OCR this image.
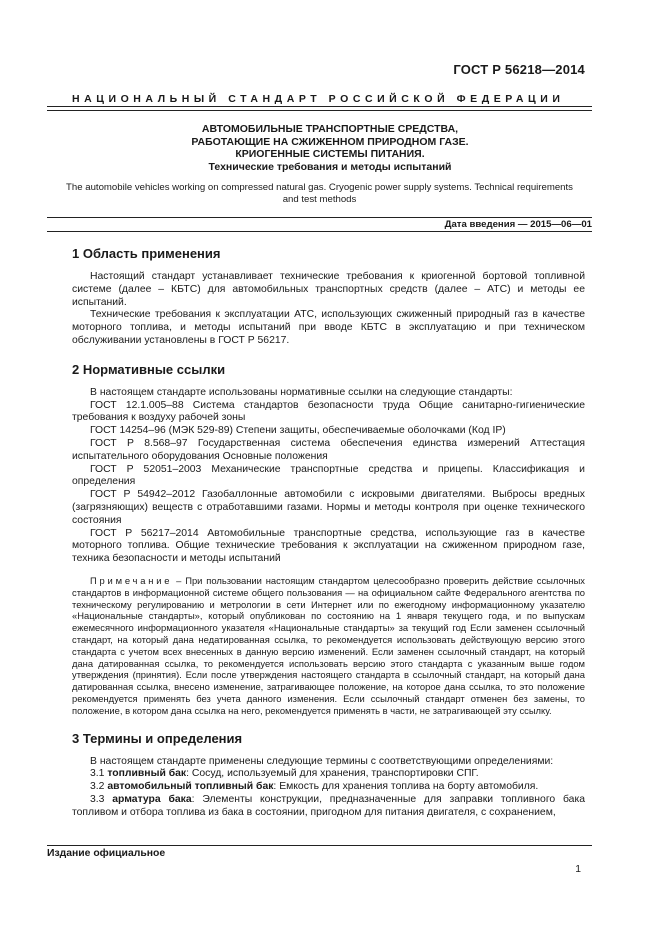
ГОСТ Р 56218—2014
НАЦИОНАЛЬНЫЙ СТАНДАРТ РОССИЙСКОЙ ФЕДЕРАЦИИ
АВТОМОБИЛЬНЫЕ ТРАНСПОРТНЫЕ СРЕДСТВА,
РАБОТАЮЩИЕ НА СЖИЖЕННОМ ПРИРОДНОМ ГАЗЕ.
КРИОГЕННЫЕ СИСТЕМЫ ПИТАНИЯ.
Технические требования и методы испытаний
The automobile vehicles working on compressed natural gas. Cryogenic power supply systems. Technical requirements
and test methods
Дата введения — 2015—06—01
1 Область применения

Настоящий стандарт устанавливает технические требования к криогенной бортовой топливной системе (далее – КБТС) для автомобильных транспортных средств (далее – АТС) и методы ее испытаний.

Технические требования к эксплуатации АТС, использующих сжиженный природный газ в качестве моторного топлива, и методы испытаний при вводе КБТС в эксплуатацию и при техническом обслуживании установлены в ГОСТ Р 56217.

2 Нормативные ссылки

В настоящем стандарте использованы нормативные ссылки на следующие стандарты:

ГОСТ 12.1.005–88 Система стандартов безопасности труда Общие санитарно-гигиенические требования к воздуху рабочей зоны

ГОСТ 14254–96 (МЭК 529-89) Степени защиты, обеспечиваемые оболочками (Код IP)

ГОСТ Р 8.568–97 Государственная система обеспечения единства измерений Аттестация испытательного оборудования Основные положения

ГОСТ Р 52051–2003 Механические транспортные средства и прицепы. Классификация и определения

ГОСТ Р 54942–2012 Газобаллонные автомобили с искровыми двигателями. Выбросы вредных (загрязняющих) веществ с отработавшими газами. Нормы и методы контроля при оценке технического состояния

ГОСТ Р 56217–2014 Автомобильные транспортные средства, использующие газ в качестве моторного топлива. Общие технические требования к эксплуатации на сжиженном природном газе, техника безопасности и методы испытаний

Примечание – При пользовании настоящим стандартом целесообразно проверить действие ссылочных стандартов в информационной системе общего пользования — на официальном сайте Федерального агентства по техническому регулированию и метрологии в сети Интернет или по ежегодному информационному указателю «Национальные стандарты», который опубликован по состоянию на 1 января текущего года, и по выпускам ежемесячного информационного указателя «Национальные стандарты» за текущий год Если заменен ссылочный стандарт, на который дана недатированная ссылка, то рекомендуется использовать действующую версию этого стандарта с учетом всех внесенных в данную версию изменений. Если заменен ссылочный стандарт, на который дана датированная ссылка, то рекомендуется использовать версию этого стандарта с указанным выше годом утверждения (принятия). Если после утверждения настоящего стандарта в ссылочный стандарт, на который дана датированная ссылка, внесено изменение, затрагивающее положение, на которое дана ссылка, то это положение рекомендуется применять без учета данного изменения. Если ссылочный стандарт отменен без замены, то положение, в котором дана ссылка на него, рекомендуется применять в части, не затрагивающей эту ссылку.
3 Термины и определения

В настоящем стандарте применены следующие термины с соответствующими определениями:

3.1 топливный бак: Сосуд, используемый для хранения, транспортировки СПГ.

3.2 автомобильный топливный бак: Емкость для хранения топлива на борту автомобиля.

3.3 арматура бака: Элементы конструкции, предназначенные для заправки топливного бака топливом и отбора топлива из бака в состоянии, пригодном для питания двигателя, с сохранением,

Издание официальное
1
